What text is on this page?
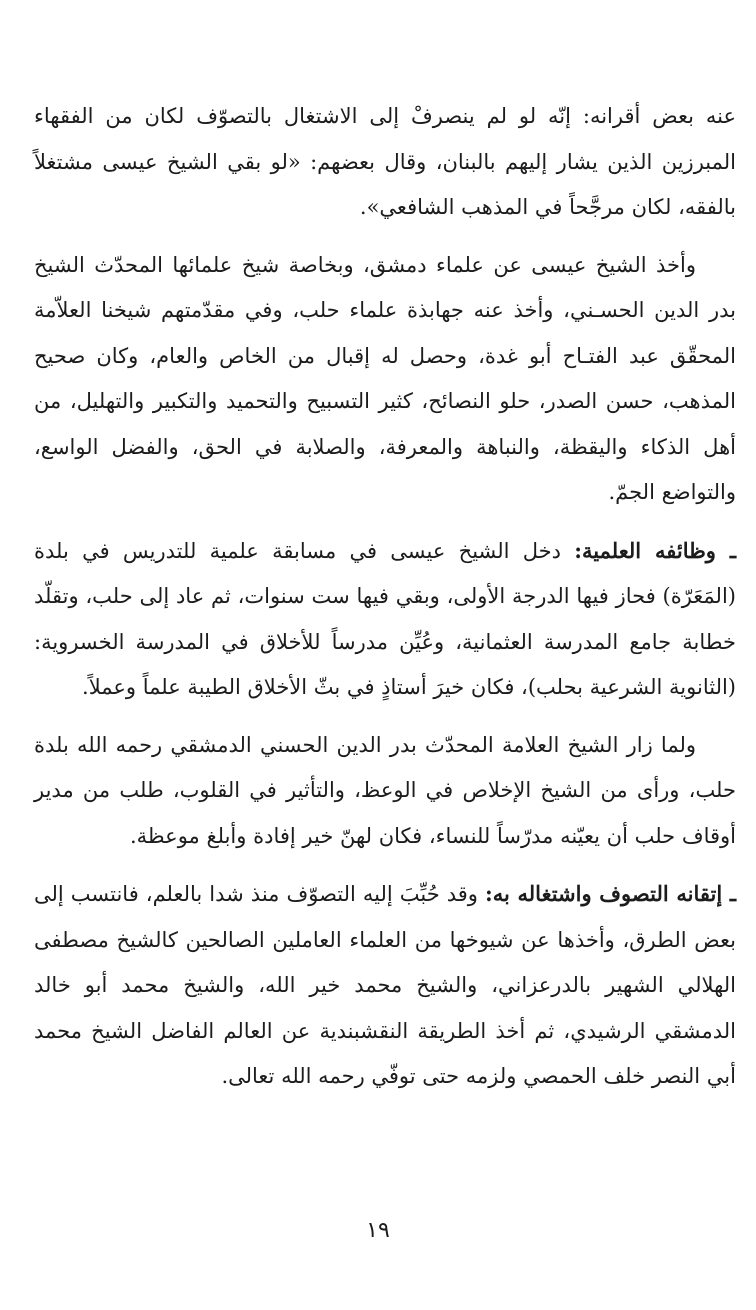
عنه بعض أقرانه: إنّه لو لم ينصرفْ إلى الاشتغال بالتصوّف لكان من الفقهاء المبرزين الذين يشار إليهم بالبنان، وقال بعضهم: «لو بقي الشيخ عيسى مشتغلاً بالفقه، لكان مرجَّحاً في المذهب الشافعي».

وأخذ الشيخ عيسى عن علماء دمشق، وبخاصة شيخ علمائها المحدّث الشيخ بدر الدين الحسـني، وأخذ عنه جهابذة علماء حلب، وفي مقدّمتهم شيخنا العلاّمة المحقّق عبد الفتـاح أبو غدة، وحصل له إقبال من الخاص والعام، وكان صحيح المذهب، حسن الصدر، حلو النصائح، كثير التسبيح والتحميد والتكبير والتهليل، من أهل الذكاء واليقظة، والنباهة والمعرفة، والصلابة في الحق، والفضل الواسع، والتواضع الجمّ.

ـ وظائفه العلمية: دخل الشيخ عيسى في مسابقة علمية للتدريس في بلدة (المَعَرّة) فحاز فيها الدرجة الأولى، وبقي فيها ست سنوات، ثم عاد إلى حلب، وتقلّد خطابة جامع المدرسة العثمانية، وعُيِّن مدرساً للأخلاق في المدرسة الخسروية: (الثانوية الشرعية بحلب)، فكان خيرَ أستاذٍ في بثّ الأخلاق الطيبة علماً وعملاً.

ولما زار الشيخ العلامة المحدّث بدر الدين الحسني الدمشقي رحمه الله بلدة حلب، ورأى من الشيخ الإخلاص في الوعظ، والتأثير في القلوب، طلب من مدير أوقاف حلب أن يعيّنه مدرّساً للنساء، فكان لهنّ خير إفادة وأبلغ موعظة.

ـ إتقانه التصوف واشتغاله به: وقد حُبِّبَ إليه التصوّف منذ شدا بالعلم، فانتسب إلى بعض الطرق، وأخذها عن شيوخها من العلماء العاملين الصالحين كالشيخ مصطفى الهلالي الشهير بالدرعزاني، والشيخ محمد خير الله، والشيخ محمد أبو خالد الدمشقي الرشيدي، ثم أخذ الطريقة النقشبندية عن العالم الفاضل الشيخ محمد أبي النصر خلف الحمصي ولزمه حتى توفّي رحمه الله تعالى.

١٩
